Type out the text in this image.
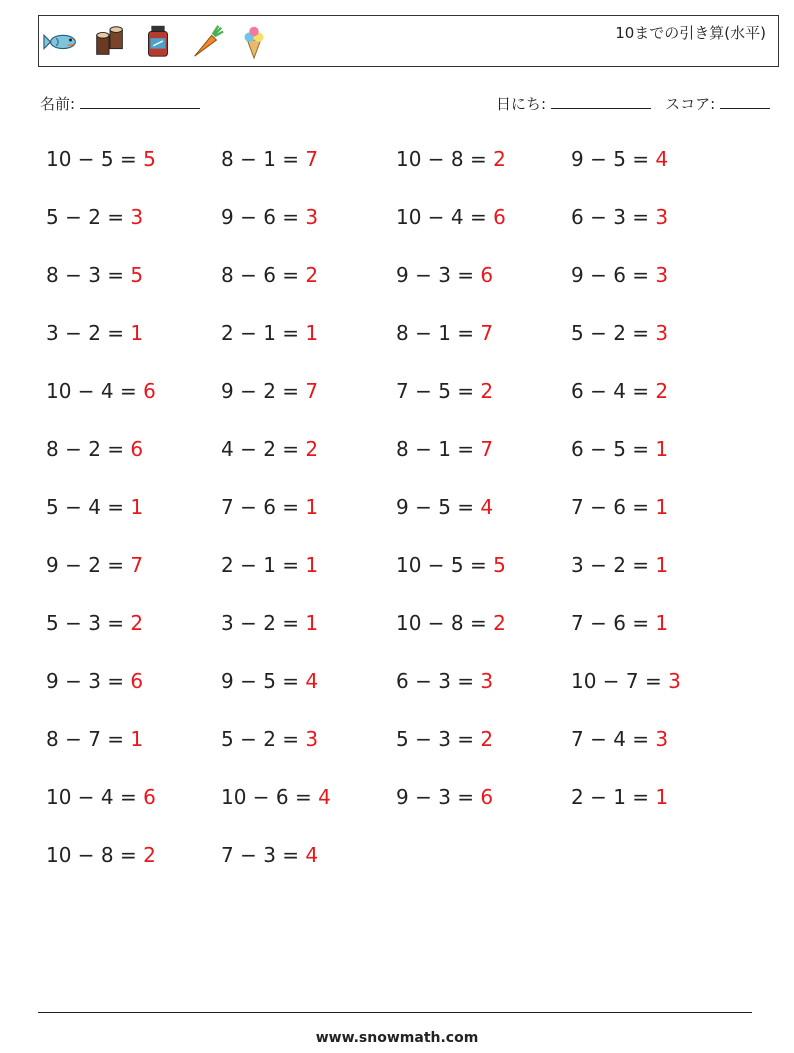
10までの引き算(水平)
名前:	日にち:	スコア:
10 − 5 = 5	8 − 1 = 7	10 − 8 = 2	9 − 5 = 4
5 − 2 = 3	9 − 6 = 3	10 − 4 = 6	6 − 3 = 3
8 − 3 = 5	8 − 6 = 2	9 − 3 = 6	9 − 6 = 3
3 − 2 = 1	2 − 1 = 1	8 − 1 = 7	5 − 2 = 3
10 − 4 = 6	9 − 2 = 7	7 − 5 = 2	6 − 4 = 2
8 − 2 = 6	4 − 2 = 2	8 − 1 = 7	6 − 5 = 1
5 − 4 = 1	7 − 6 = 1	9 − 5 = 4	7 − 6 = 1
9 − 2 = 7	2 − 1 = 1	10 − 5 = 5	3 − 2 = 1
5 − 3 = 2	3 − 2 = 1	10 − 8 = 2	7 − 6 = 1
9 − 3 = 6	9 − 5 = 4	6 − 3 = 3	10 − 7 = 3
8 − 7 = 1	5 − 2 = 3	5 − 3 = 2	7 − 4 = 3
10 − 4 = 6	10 − 6 = 4	9 − 3 = 6	2 − 1 = 1
10 − 8 = 2	7 − 3 = 4
www.snowmath.com
